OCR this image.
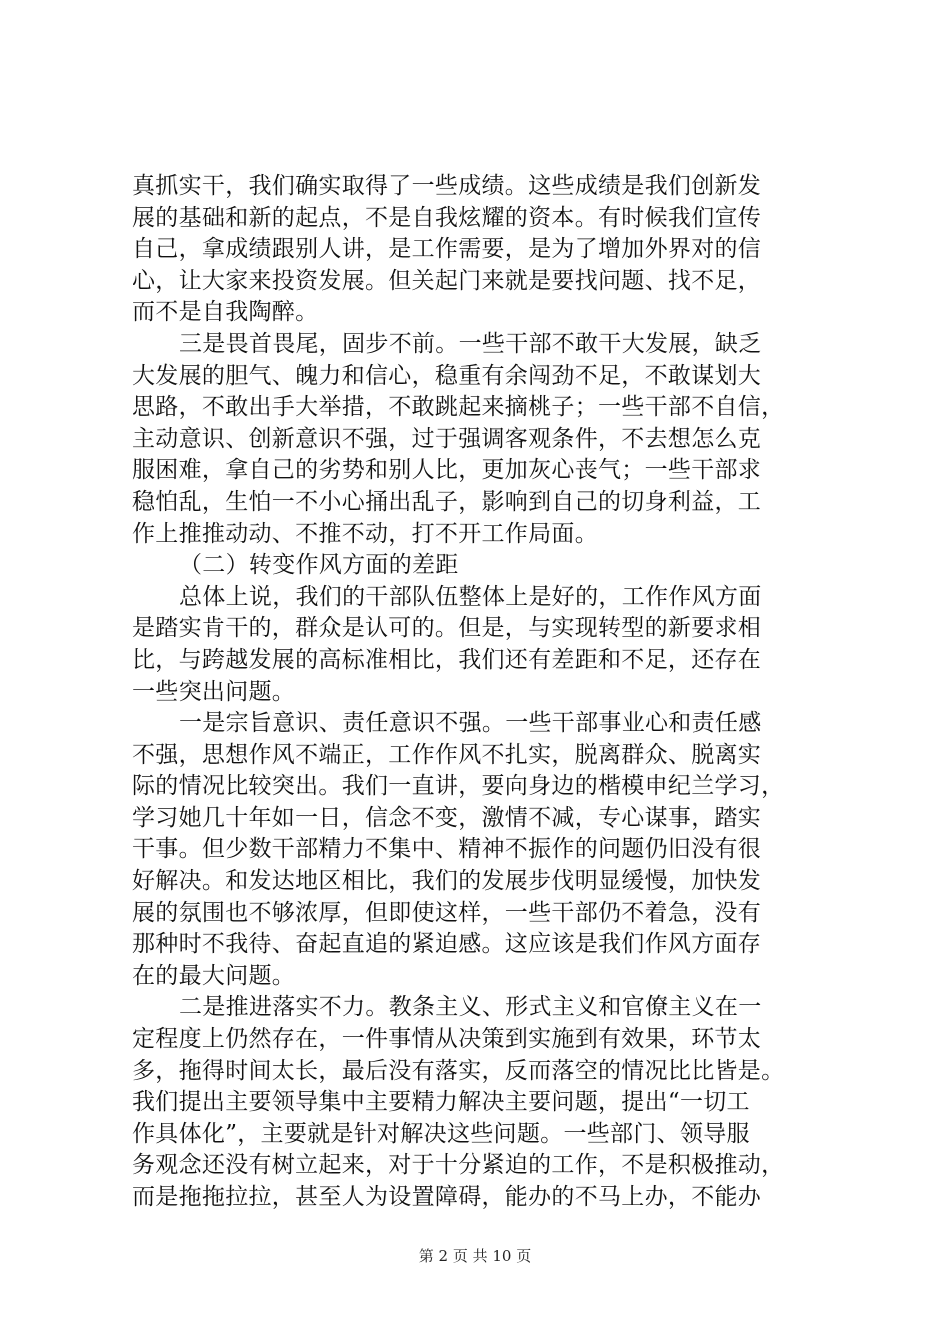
真抓实干，我们确实取得了一些成绩。这些成绩是我们创新发
展的基础和新的起点，不是自我炫耀的资本。有时候我们宣传
自己，拿成绩跟别人讲，是工作需要，是为了增加外界对的信
心，让大家来投资发展。但关起门来就是要找问题、找不足，
而不是自我陶醉。
三是畏首畏尾，固步不前。一些干部不敢干大发展，缺乏
大发展的胆气、魄力和信心，稳重有余闯劲不足，不敢谋划大
思路，不敢出手大举措，不敢跳起来摘桃子；一些干部不自信，
主动意识、创新意识不强，过于强调客观条件，不去想怎么克
服困难，拿自己的劣势和别人比，更加灰心丧气；一些干部求
稳怕乱，生怕一不小心捅出乱子，影响到自己的切身利益，工
作上推推动动、不推不动，打不开工作局面。
（二）转变作风方面的差距
总体上说，我们的干部队伍整体上是好的，工作作风方面
是踏实肯干的，群众是认可的。但是，与实现转型的新要求相
比，与跨越发展的高标准相比，我们还有差距和不足，还存在
一些突出问题。
一是宗旨意识、责任意识不强。一些干部事业心和责任感
不强，思想作风不端正，工作作风不扎实，脱离群众、脱离实
际的情况比较突出。我们一直讲，要向身边的楷模申纪兰学习，
学习她几十年如一日，信念不变，激情不减，专心谋事，踏实
干事。但少数干部精力不集中、精神不振作的问题仍旧没有很
好解决。和发达地区相比，我们的发展步伐明显缓慢，加快发
展的氛围也不够浓厚，但即使这样，一些干部仍不着急，没有
那种时不我待、奋起直追的紧迫感。这应该是我们作风方面存
在的最大问题。
二是推进落实不力。教条主义、形式主义和官僚主义在一
定程度上仍然存在，一件事情从决策到实施到有效果，环节太
多，拖得时间太长，最后没有落实，反而落空的情况比比皆是。
我们提出主要领导集中主要精力解决主要问题，提出“一切工
作具体化”，主要就是针对解决这些问题。一些部门、领导服
务观念还没有树立起来，对于十分紧迫的工作，不是积极推动，
而是拖拖拉拉，甚至人为设置障碍，能办的不马上办，不能办
第 2 页 共 10 页
